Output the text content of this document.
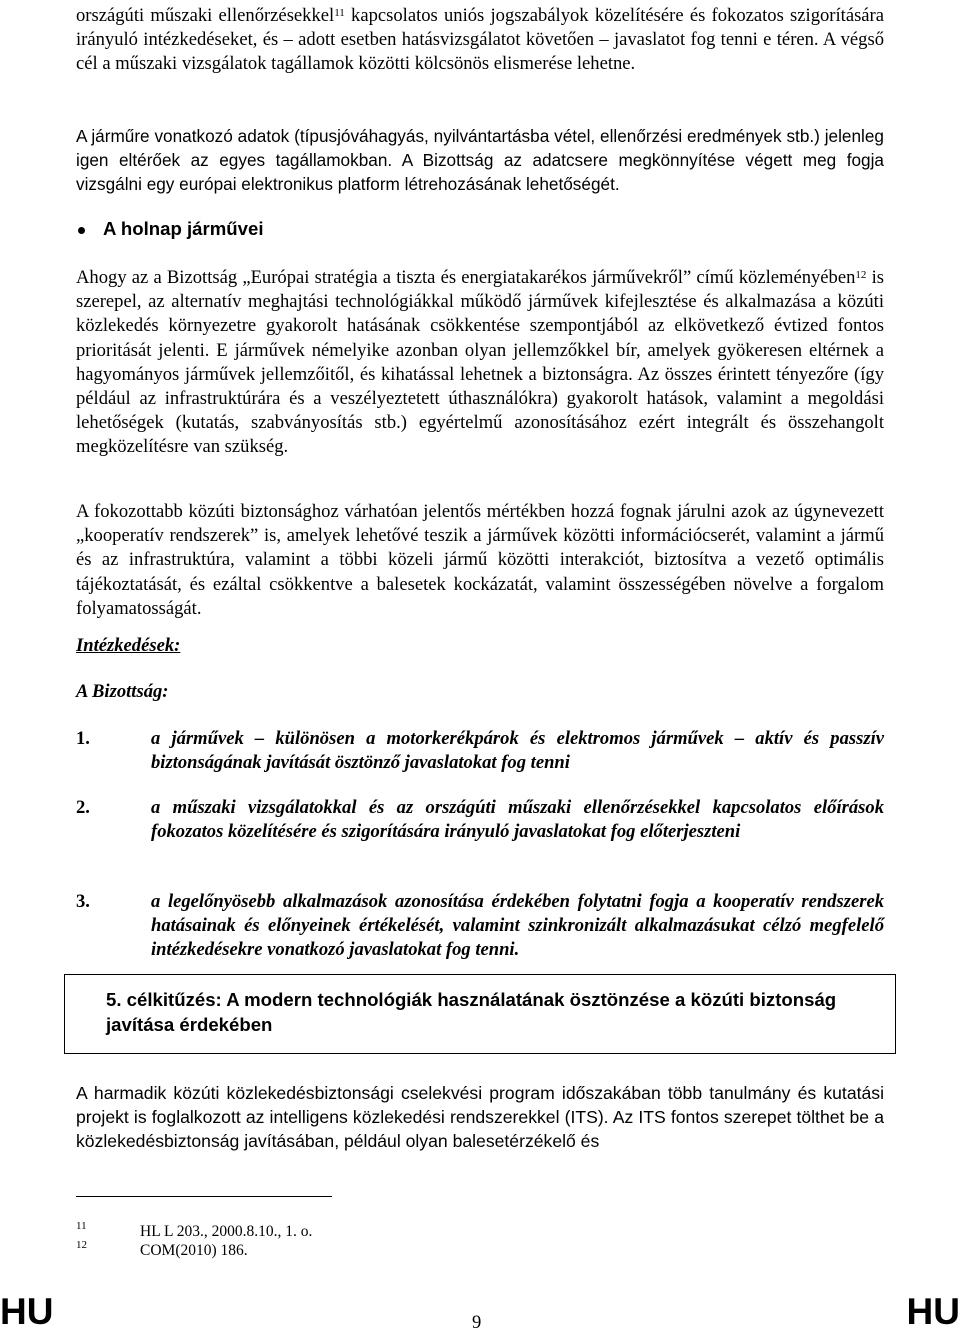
országúti műszaki ellenőrzésekkel$^{11}$ kapcsolatos uniós jogszabályok közelítésére és fokozatos szigorítására irányuló intézkedéseket, és – adott esetben hatásvizsgálatot követően – javaslatot fog tenni e téren. A végső cél a műszaki vizsgálatok tagállamok közötti kölcsönös elismerése lehetne.

A járműre vonatkozó adatok (típusjóváhagyás, nyilvántartásba vétel, ellenőrzési eredmények stb.) jelenleg igen eltérőek az egyes tagállamokban. A Bizottság az adatcsere megkönnyítése végett meg fogja vizsgálni egy európai elektronikus platform létrehozásának lehetőségét.

A holnap járművei

Ahogy az a Bizottság „Európai stratégia a tiszta és energiatakarékos járművekről” című közleményében$^{12}$ is szerepel, az alternatív meghajtási technológiákkal működő járművek kifejlesztése és alkalmazása a közúti közlekedés környezetre gyakorolt hatásának csökkentése szempontjából az elkövetkező évtized fontos prioritását jelenti. E járművek némelyike azonban olyan jellemzőkkel bír, amelyek gyökeresen eltérnek a hagyományos járművek jellemzőitől, és kihatással lehetnek a biztonságra. Az összes érintett tényezőre (így például az infrastruktúrára és a veszélyeztetett úthasználókra) gyakorolt hatások, valamint a megoldási lehetőségek (kutatás, szabványosítás stb.) egyértelmű azonosításához ezért integrált és összehangolt megközelítésre van szükség.

A fokozottabb közúti biztonsághoz várhatóan jelentős mértékben hozzá fognak járulni azok az úgynevezett „kooperatív rendszerek” is, amelyek lehetővé teszik a járművek közötti információcserét, valamint a jármű és az infrastruktúra, valamint a többi közeli jármű közötti interakciót, biztosítva a vezető optimális tájékoztatását, és ezáltal csökkentve a balesetek kockázatát, valamint összességében növelve a forgalom folyamatosságát.

Intézkedések:
A Bizottság:
1.	a járművek – különösen a motorkerékpárok és elektromos járművek – aktív és passzív biztonságának javítását ösztönző javaslatokat fog tenni

2.	a műszaki vizsgálatokkal és az országúti műszaki ellenőrzésekkel kapcsolatos előírások fokozatos közelítésére és szigorítására irányuló javaslatokat fog előterjeszteni

3.	a legelőnyösebb alkalmazások azonosítása érdekében folytatni fogja a kooperatív rendszerek hatásainak és előnyeinek értékelését, valamint szinkronizált alkalmazásukat célzó megfelelő intézkedésekre vonatkozó javaslatokat fog tenni.

5. célkitűzés: A modern technológiák használatának ösztönzése a közúti biztonság javítása érdekében

A harmadik közúti közlekedésbiztonsági cselekvési program időszakában több tanulmány és kutatási projekt is foglalkozott az intelligens közlekedési rendszerekkel (ITS). Az ITS fontos szerepet tölthet be a közlekedésbiztonság javításában, például olyan balesetérzékelő és

11	HL L 203., 2000.8.10., 1. o.
12	COM(2010) 186.
HU	9	HU
